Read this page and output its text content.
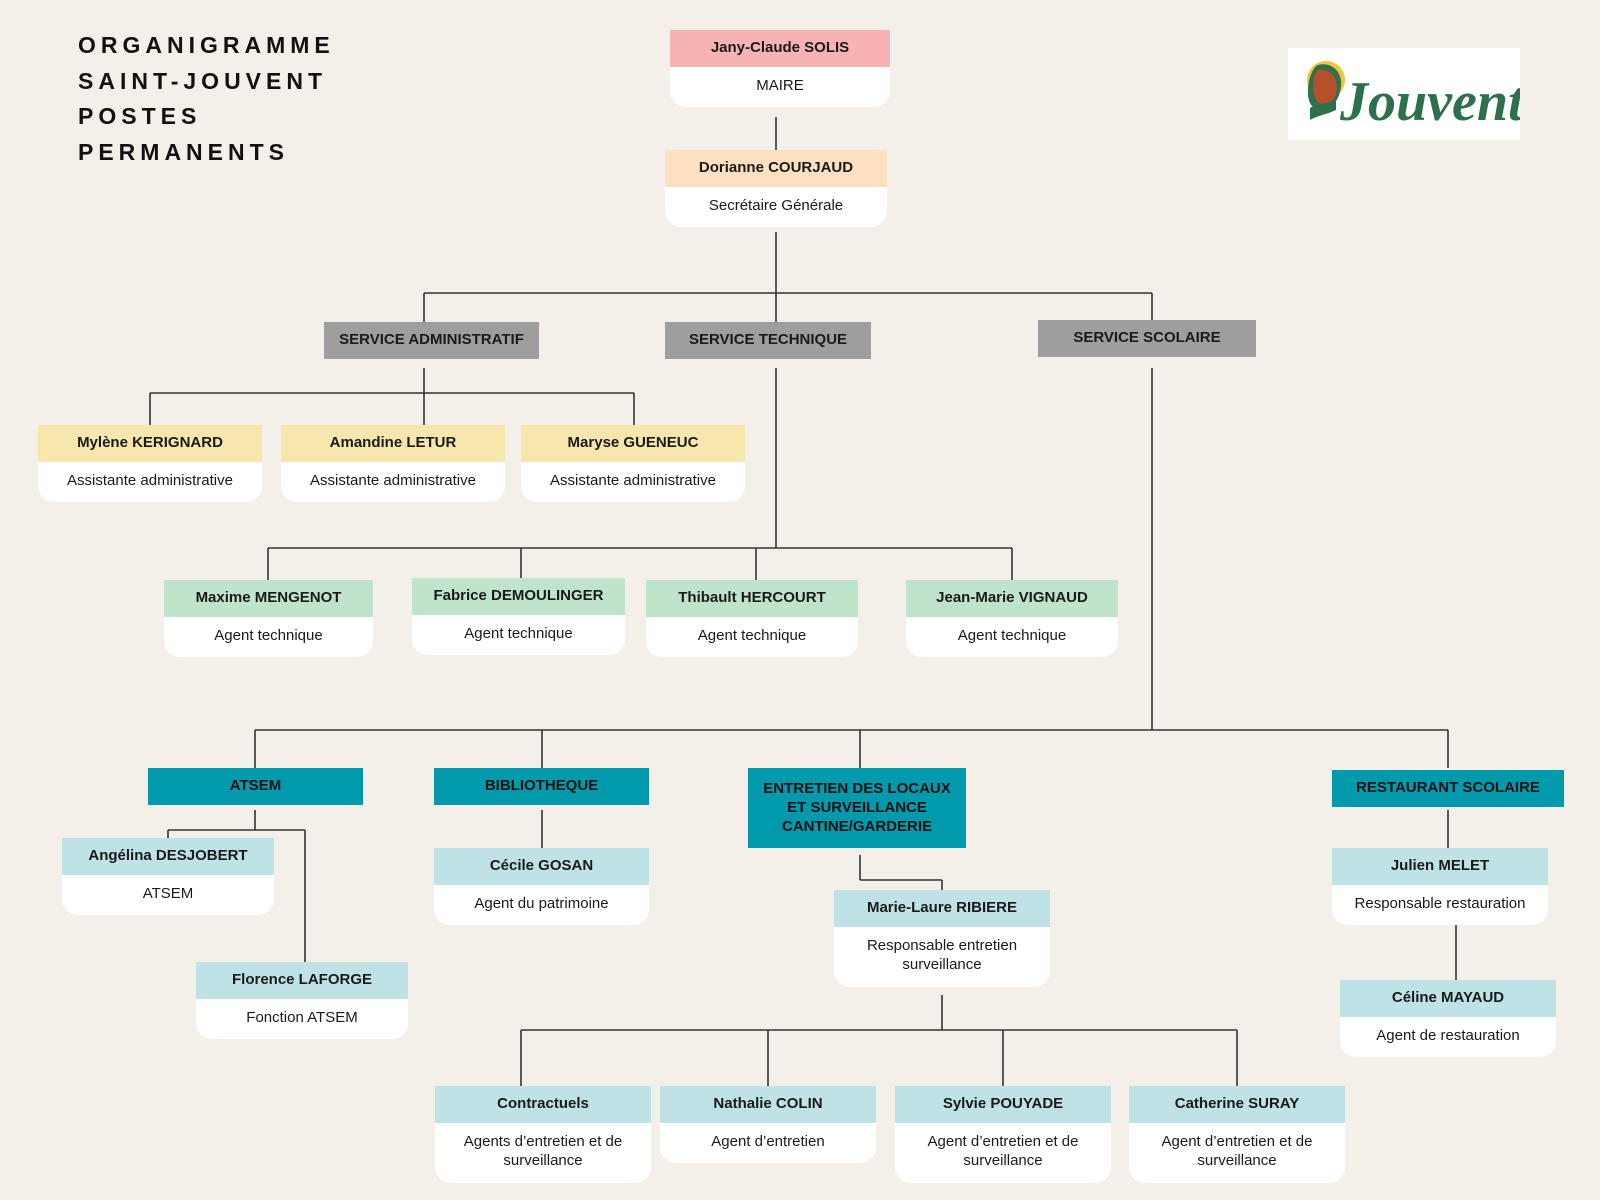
ORGANIGRAMME
SAINT-JOUVENT
POSTES
PERMANENTS
Jouvent
Jany-Claude SOLIS
MAIRE
Dorianne COURJAUD
Secrétaire Générale
SERVICE ADMINISTRATIF	SERVICE TECHNIQUE	SERVICE SCOLAIRE
Mylène KERIGNARD
Assistante administrative
Amandine LETUR
Assistante administrative
Maryse GUENEUC
Assistante administrative
Maxime MENGENOT
Agent technique
Fabrice DEMOULINGER
Agent technique
Thibault HERCOURT
Agent technique
Jean-Marie VIGNAUD
Agent technique
ATSEM	BIBLIOTHEQUE	ENTRETIEN DES LOCAUX ET SURVEILLANCE CANTINE/GARDERIE
RESTAURANT SCOLAIRE
Angélina DESJOBERT
ATSEM
Florence LAFORGE
Fonction ATSEM
Cécile GOSAN
Agent du patrimoine	Marie-Laure RIBIERE
Responsable entretien surveillance
Contractuels
Agents d’entretien et de surveillance
Nathalie COLIN
Agent d’entretien
Sylvie POUYADE
Agent d’entretien et de surveillance
Catherine SURAY
Agent d’entretien et de surveillance
Julien MELET
Responsable restauration
Céline MAYAUD
Agent de restauration
